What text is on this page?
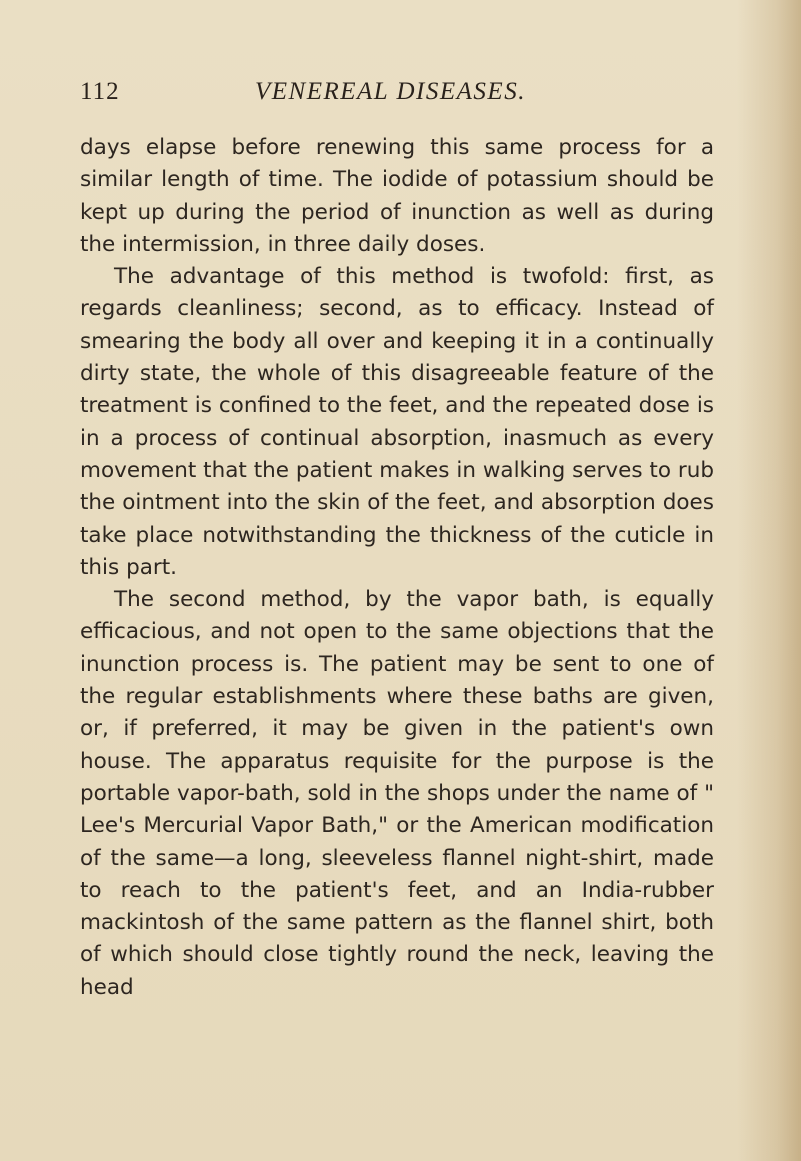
112	VENEREAL DISEASES.

days elapse before renewing this same process for a similar length of time. The iodide of potassium should be kept up during the period of inunction as well as during the intermission, in three daily doses.

The advantage of this method is twofold: first, as regards cleanliness; second, as to efficacy. Instead of smearing the body all over and keeping it in a continually dirty state, the whole of this disagreeable feature of the treatment is confined to the feet, and the repeated dose is in a process of continual absorption, inasmuch as every movement that the patient makes in walking serves to rub the ointment into the skin of the feet, and absorption does take place notwithstanding the thickness of the cuticle in this part.

The second method, by the vapor bath, is equally efficacious, and not open to the same objections that the inunction process is. The patient may be sent to one of the regular establishments where these baths are given, or, if preferred, it may be given in the patient's own house. The apparatus requisite for the purpose is the portable vapor-bath, sold in the shops under the name of " Lee's Mercurial Vapor Bath," or the American modification of the same—a long, sleeveless flannel night-shirt, made to reach to the patient's feet, and an India-rubber mackintosh of the same pattern as the flannel shirt, both of which should close tightly round the neck, leaving the head
